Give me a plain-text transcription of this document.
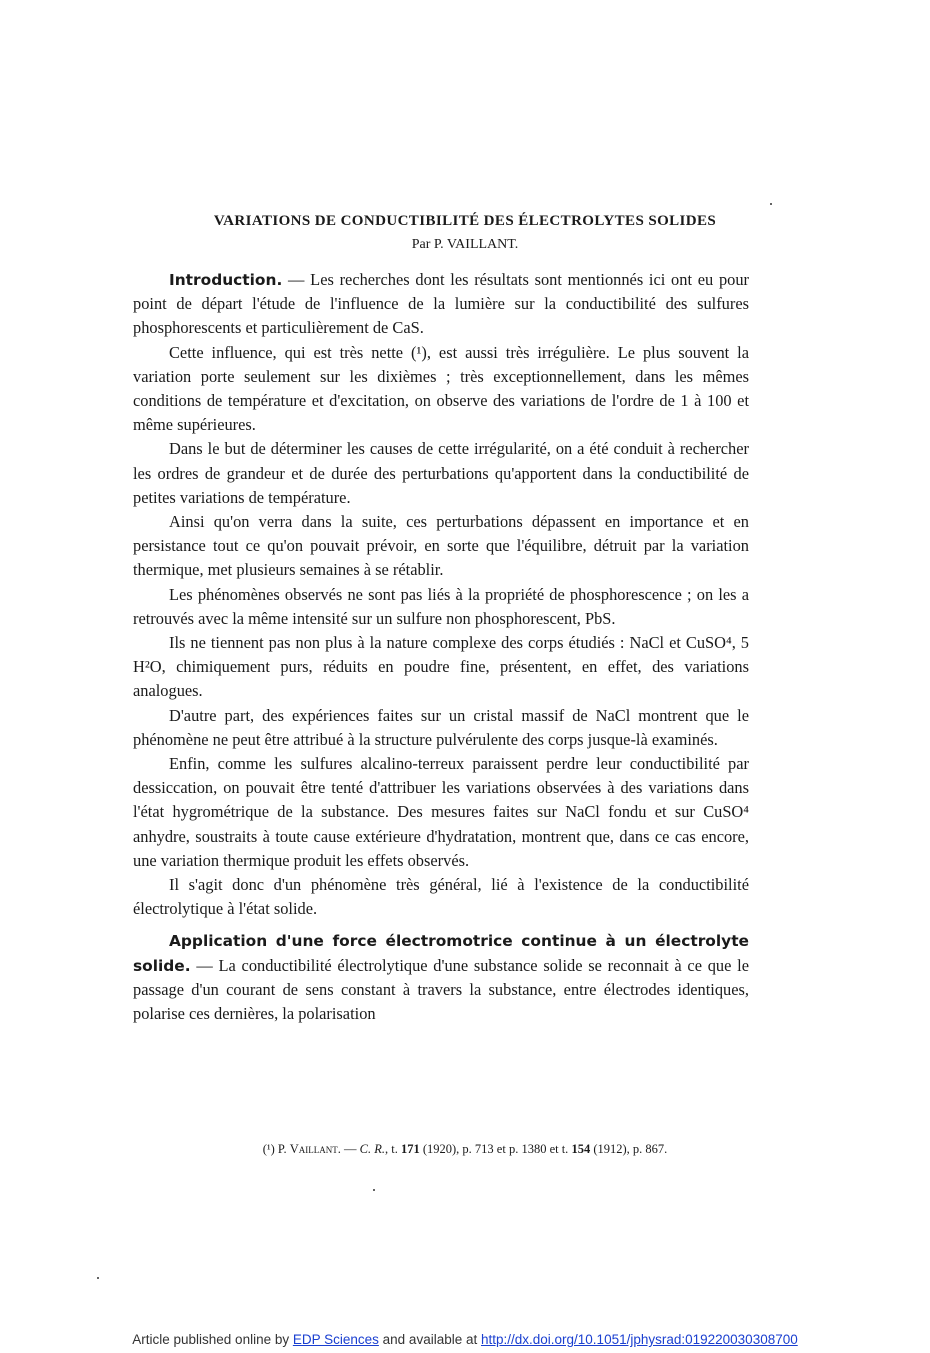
VARIATIONS DE CONDUCTIBILITÉ DES ÉLECTROLYTES SOLIDES
Par P. VAILLANT.

Introduction. — Les recherches dont les résultats sont mentionnés ici ont eu pour point de départ l'étude de l'influence de la lumière sur la conductibilité des sulfures phosphorescents et particulièrement de CaS.

Cette influence, qui est très nette (¹), est aussi très irrégulière. Le plus souvent la variation porte seulement sur les dixièmes ; très exceptionnellement, dans les mêmes conditions de température et d'excitation, on observe des variations de l'ordre de 1 à 100 et même supérieures.

Dans le but de déterminer les causes de cette irrégularité, on a été conduit à rechercher les ordres de grandeur et de durée des perturbations qu'apportent dans la conductibilité de petites variations de température.

Ainsi qu'on verra dans la suite, ces perturbations dépassent en importance et en persistance tout ce qu'on pouvait prévoir, en sorte que l'équilibre, détruit par la variation thermique, met plusieurs semaines à se rétablir.

Les phénomènes observés ne sont pas liés à la propriété de phosphorescence ; on les a retrouvés avec la même intensité sur un sulfure non phosphorescent, PbS.

Ils ne tiennent pas non plus à la nature complexe des corps étudiés : NaCl et CuSO⁴, 5 H²O, chimiquement purs, réduits en poudre fine, présentent, en effet, des variations analogues.

D'autre part, des expériences faites sur un cristal massif de NaCl montrent que le phénomène ne peut être attribué à la structure pulvérulente des corps jusque-là examinés.

Enfin, comme les sulfures alcalino-terreux paraissent perdre leur conductibilité par dessiccation, on pouvait être tenté d'attribuer les variations observées à des variations dans l'état hygrométrique de la substance. Des mesures faites sur NaCl fondu et sur CuSO⁴ anhydre, soustraits à toute cause extérieure d'hydratation, montrent que, dans ce cas encore, une variation thermique produit les effets observés.

Il s'agit donc d'un phénomène très général, lié à l'existence de la conductibilité électrolytique à l'état solide.

Application d'une force électromotrice continue à un électrolyte solide. — La conductibilité électrolytique d'une substance solide se reconnait à ce que le passage d'un courant de sens constant à travers la substance, entre électrodes identiques, polarise ces dernières, la polarisation

(¹) P. Vaillant. — C. R., t. 171 (1920), p. 713 et p. 1380 et t. 154 (1912), p. 867.
Article published online by EDP Sciences and available at http://dx.doi.org/10.1051/jphysrad:019220030308700
